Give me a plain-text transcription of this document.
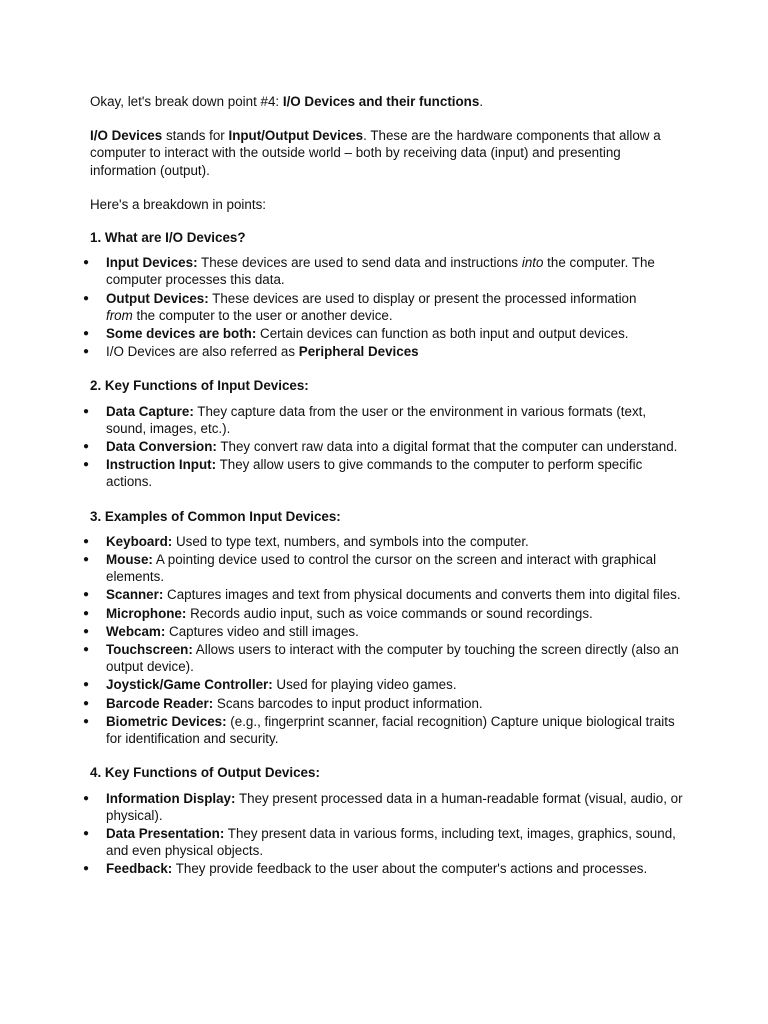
Okay, let's break down point #4: I/O Devices and their functions.

I/O Devices stands for Input/Output Devices. These are the hardware components that allow a computer to interact with the outside world – both by receiving data (input) and presenting information (output).

Here's a breakdown in points:

1. What are I/O Devices?
● Input Devices: These devices are used to send data and instructions into the computer. The computer processes this data.
● Output Devices: These devices are used to display or present the processed information
from the computer to the user or another device.
● Some devices are both: Certain devices can function as both input and output devices.
● I/O Devices are also referred as Peripheral Devices
2. Key Functions of Input Devices:
● Data Capture: They capture data from the user or the environment in various formats (text, sound, images, etc.).
● Data Conversion: They convert raw data into a digital format that the computer can understand.
● Instruction Input: They allow users to give commands to the computer to perform specific actions.
3. Examples of Common Input Devices:
● Keyboard: Used to type text, numbers, and symbols into the computer.
● Mouse: A pointing device used to control the cursor on the screen and interact with graphical elements.
● Scanner: Captures images and text from physical documents and converts them into digital files.
● Microphone: Records audio input, such as voice commands or sound recordings.
● Webcam: Captures video and still images.
● Touchscreen: Allows users to interact with the computer by touching the screen directly (also an output device).
● Joystick/Game Controller: Used for playing video games.
● Barcode Reader: Scans barcodes to input product information.
● Biometric Devices: (e.g., fingerprint scanner, facial recognition) Capture unique biological traits for identification and security.
4. Key Functions of Output Devices:
● Information Display: They present processed data in a human-readable format (visual, audio, or physical).
● Data Presentation: They present data in various forms, including text, images, graphics, sound, and even physical objects.
● Feedback: They provide feedback to the user about the computer's actions and processes.
